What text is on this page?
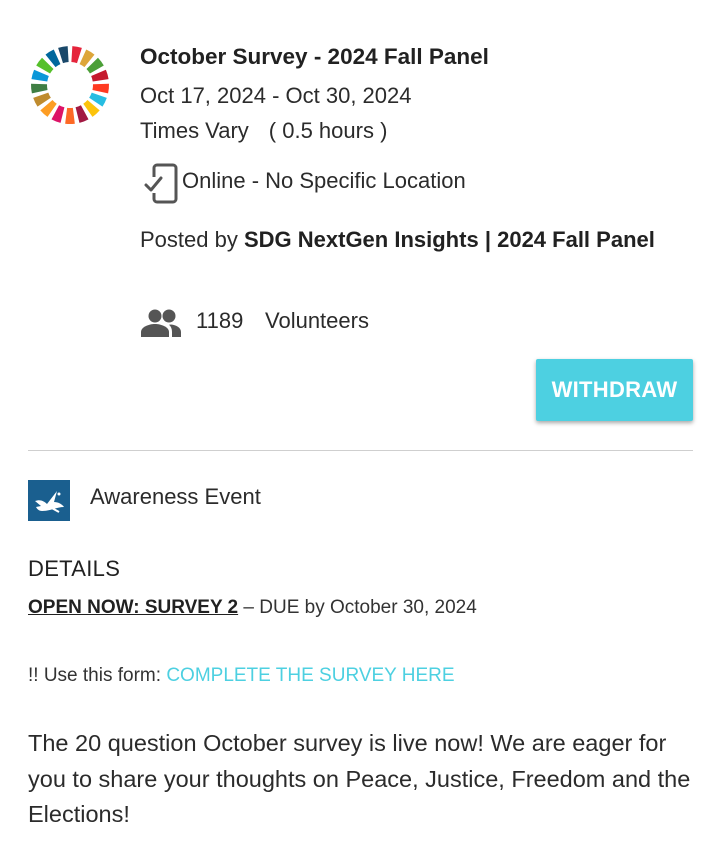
October Survey - 2024 Fall Panel
Oct 17, 2024 - Oct 30, 2024
Times Vary ( 0.5 hours )
Online - No Specific Location
Posted by SDG NextGen Insights | 2024 Fall Panel
1189 Volunteers
WITHDRAW
Awareness Event
DETAILS
OPEN NOW: SURVEY 2 – DUE by October 30, 2024
!! Use this form: COMPLETE THE SURVEY HERE
The 20 question October survey is live now! We are eager for you to share your thoughts on Peace, Justice, Freedom and the Elections!
